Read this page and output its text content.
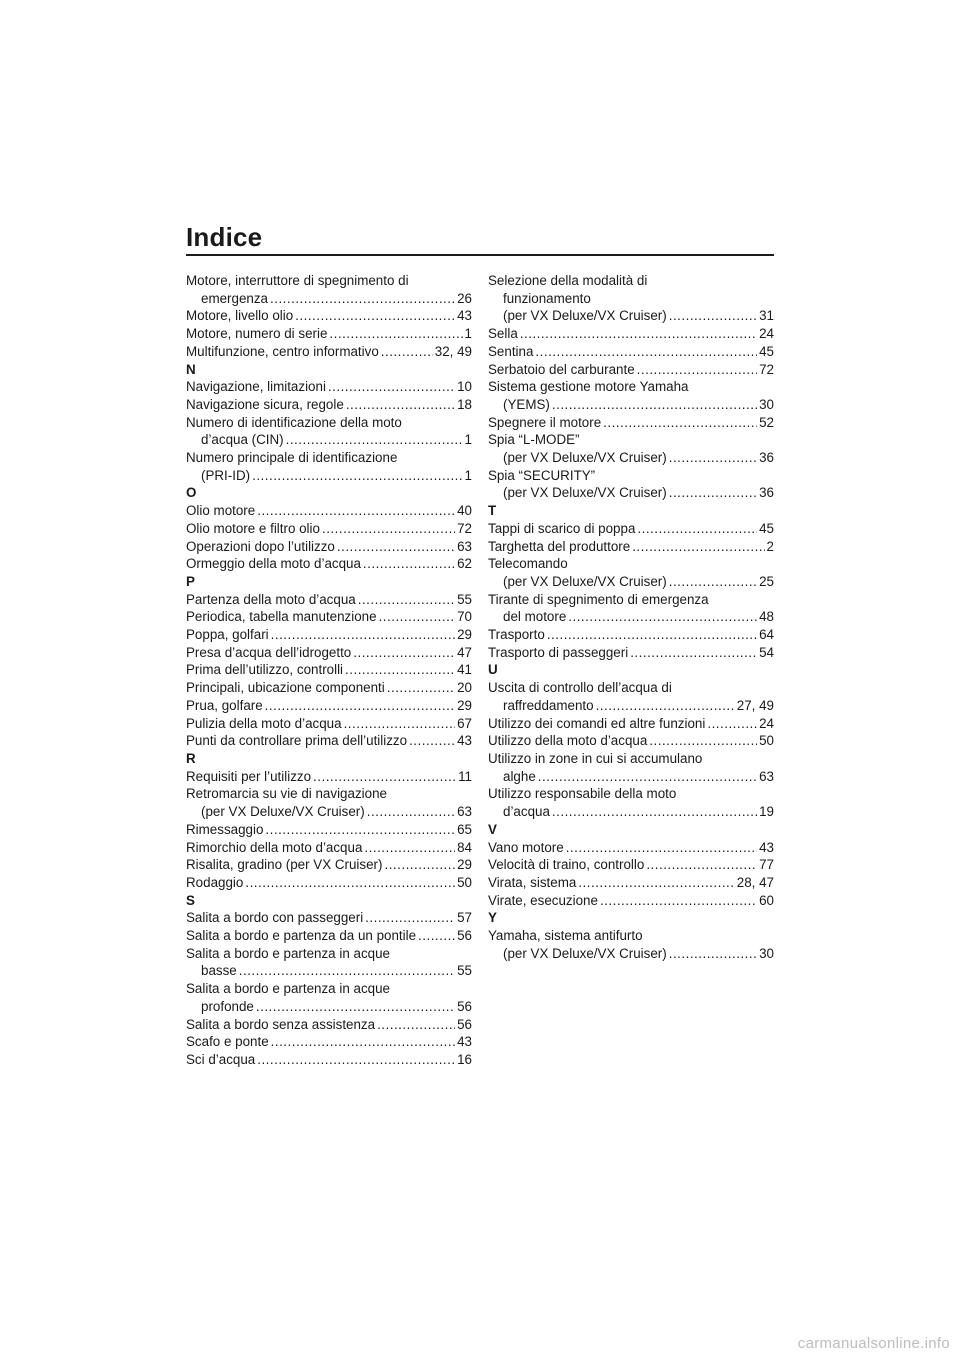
Indice
Motore, interruttore di spegnimento di
emergenza .....	26
Motore, livello olio .....	43
Motore, numero di serie .....	1
Multifunzione, centro informativo .....	32, 49
N
Navigazione, limitazioni .....	10
Navigazione sicura, regole .....	18
Numero di identificazione della moto
d’acqua (CIN) .....	1
Numero principale di identificazione
(PRI-ID) .....	1
O
Olio motore .....	40
Olio motore e filtro olio .....	72
Operazioni dopo l’utilizzo .....	63
Ormeggio della moto d’acqua .....	62
P
Partenza della moto d’acqua .....	55
Periodica, tabella manutenzione .....	70
Poppa, golfari .....	29
Presa d’acqua dell’idrogetto .....	47
Prima dell’utilizzo, controlli .....	41
Principali, ubicazione componenti .....	20
Prua, golfare .....	29
Pulizia della moto d’acqua .....	67
Punti da controllare prima dell’utilizzo .....	43
R
Requisiti per l’utilizzo .....	11
Retromarcia su vie di navigazione
(per VX Deluxe/VX Cruiser) .....	63
Rimessaggio .....	65
Rimorchio della moto d’acqua .....	84
Risalita, gradino (per VX Cruiser) .....	29
Rodaggio .....	50
S
Salita a bordo con passeggeri .....	57
Salita a bordo e partenza da un pontile .....	56
Salita a bordo e partenza in acque
basse .....	55
Salita a bordo e partenza in acque
profonde .....	56
Salita a bordo senza assistenza .....	56
Scafo e ponte .....	43
Sci d’acqua .....	16
Selezione della modalità di
funzionamento
(per VX Deluxe/VX Cruiser) .....	31
Sella .....	24
Sentina .....	45
Serbatoio del carburante .....	72
Sistema gestione motore Yamaha
(YEMS) .....	30
Spegnere il motore .....	52
Spia “L-MODE”
(per VX Deluxe/VX Cruiser) .....	36
Spia “SECURITY”
(per VX Deluxe/VX Cruiser) .....	36
T
Tappi di scarico di poppa .....	45
Targhetta del produttore .....	2
Telecomando
(per VX Deluxe/VX Cruiser) .....	25
Tirante di spegnimento di emergenza
del motore .....	48
Trasporto .....	64
Trasporto di passeggeri .....	54
U
Uscita di controllo dell’acqua di
raffreddamento .....	27, 49
Utilizzo dei comandi ed altre funzioni .....	24
Utilizzo della moto d’acqua .....	50
Utilizzo in zone in cui si accumulano
alghe .....	63
Utilizzo responsabile della moto
d’acqua .....	19
V
Vano motore .....	43
Velocità di traino, controllo .....	77
Virata, sistema .....	28, 47
Virate, esecuzione .....	60
Y
Yamaha, sistema antifurto
(per VX Deluxe/VX Cruiser) .....	30
carmanualsonline.info
